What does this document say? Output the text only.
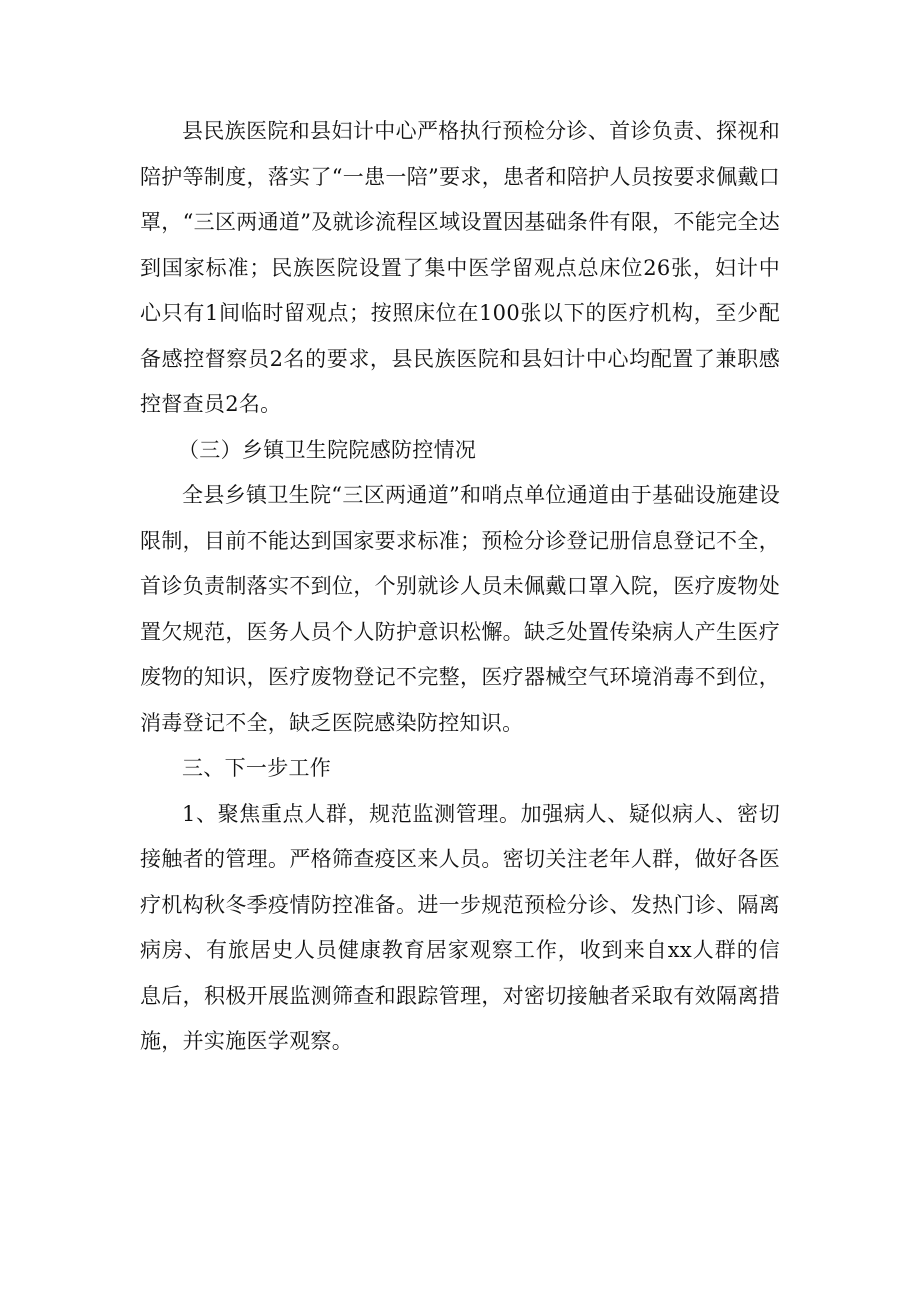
县民族医院和县妇计中心严格执行预检分诊、首诊负责、探视和陪护等制度，落实了“一患一陪”要求，患者和陪护人员按要求佩戴口罩，“三区两通道”及就诊流程区域设置因基础条件有限，不能完全达到国家标准；民族医院设置了集中医学留观点总床位26张，妇计中心只有1间临时留观点；按照床位在100张以下的医疗机构，至少配备感控督察员2名的要求，县民族医院和县妇计中心均配置了兼职感控督查员2名。

（三）乡镇卫生院院感防控情况

全县乡镇卫生院“三区两通道”和哨点单位通道由于基础设施建设限制，目前不能达到国家要求标准；预检分诊登记册信息登记不全，首诊负责制落实不到位，个别就诊人员未佩戴口罩入院，医疗废物处置欠规范，医务人员个人防护意识松懈。缺乏处置传染病人产生医疗废物的知识，医疗废物登记不完整，医疗器械空气环境消毒不到位，消毒登记不全，缺乏医院感染防控知识。

三、下一步工作

1、聚焦重点人群，规范监测管理。加强病人、疑似病人、密切接触者的管理。严格筛查疫区来人员。密切关注老年人群，做好各医疗机构秋冬季疫情防控准备。进一步规范预检分诊、发热门诊、隔离病房、有旅居史人员健康教育居家观察工作，收到来自xx人群的信息后，积极开展监测筛查和跟踪管理，对密切接触者采取有效隔离措施，并实施医学观察。
